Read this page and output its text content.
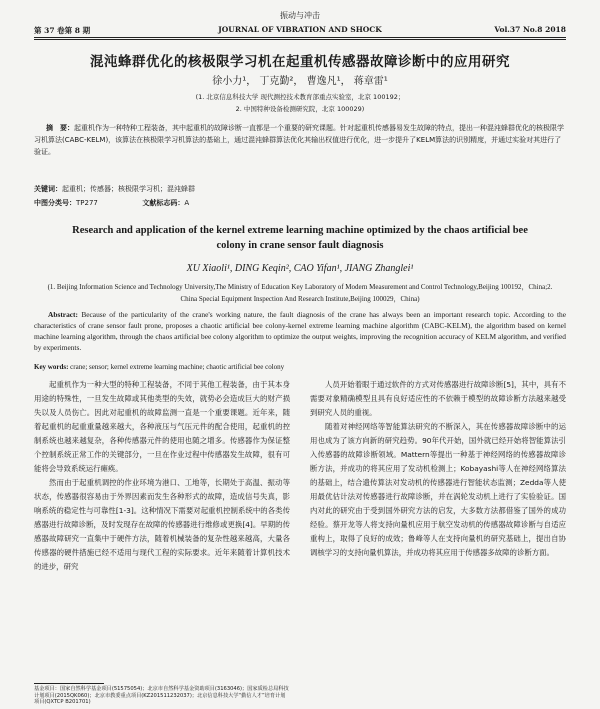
振动与冲击
第 37 卷第 8 期	JOURNAL OF VIBRATION AND SHOCK	Vol.37 No.8 2018
混沌蜂群优化的核极限学习机在起重机传感器故障诊断中的应用研究
徐小力¹， 丁克勤²， 曹逸凡¹， 蒋章雷¹
(1. 北京信息科技大学 现代测控技术教育部重点实验室，北京 100192；
2. 中国特种设备检测研究院，北京 100029)
摘　要：起重机作为一种特种工程装备，其中起重机的故障诊断一直都是一个重要的研究课题。针对起重机传感器易发生故障的特点，提出一种混沌蜂群优化的核极限学习机算法(CABC-KELM)，该算法在核极限学习机算法的基础上，通过混沌蜂群算法优化其输出权值进行优化，进一步提升了KELM算法的识别精度，并通过实验对其进行了验证。
关键词：起重机；传感器；核极限学习机；混沌蜂群
中图分类号：TP277	文献标志码：A
Research and application of the kernel extreme learning machine optimized by the chaos artificial bee colony in crane sensor fault diagnosis
XU Xiaoli¹, DING Keqin², CAO Yifan¹, JIANG Zhanglei¹
(1. Beijing Information Science and Technology University,The Ministry of Education Key Laboratory of Modern Measurement and Control Technology,Beijing 100192，China;2. China Special Equipment Inspection And Research Institute,Beijing 100029，China)
Abstract: Because of the particularity of the crane's working nature, the fault diagnosis of the crane has always been an important research topic. According to the characteristics of crane sensor fault prone, proposes a chaotic artificial bee colony-kernel extreme learning machine algorithm (CABC-KELM), the algorithm based on kernel machine learning algorithm, through the chaos artificial bee colony algorithm to optimize the output weights, improving the recognition accuracy of KELM algorithm, and verified by experiments.
Key words: crane; sensor; kernel extreme learning machine; chaotic artificial bee colony

起重机作为一种大型的特种工程装备，不同于其他工程装备，由于其本身用途的特殊性，一旦发生故障或其他类型的失效，就势必会造成巨大的财产损失以及人员伤亡。因此对起重机的故障监测一直是一个重要课题。近年来，随着起重机的起重重量越来越大，各种液压与气压元件的配合使用，起重机的控制系统也越来越复杂，各种传感器元件的使用也随之增多。传感器作为保证整个控制系统正常工作的关键部分，一旦在作业过程中传感器发生故障，很有可能将会导致系统运行瘫痪。

然而由于起重机调控的作业环境为港口、工地等，长期处于高温、振动等状态，传感器很容易由于外界因素而发生各种形式的故障，造成信号失真，影响系统的稳定性与可靠性[1-3]。这种情况下需要对起重机控制系统中的各类传感器进行故障诊断，及时发现存在故障的传感器进行维修或更换[4]。早期的传感器故障研究一直集中于硬件方法，随着机械装备的复杂性越来越高，大量各传感器的硬件措施已经不适用与现代工程的实际要求。近年来随着计算机技术的进步，研究

人员开始着眼于通过软件的方式对传感器进行故障诊断[5]，其中，具有不需要对象精确模型且具有良好适应性的不依赖于模型的故障诊断方法越来越受到研究人员的重视。

随着对神经网络等智能算法研究的不断深入，其在传感器故障诊断中的运用也成为了该方向新的研究趋势。90年代开始，国外就已经开始将智能算法引入传感器的故障诊断领域。Mattern等提出一种基于神经网络的传感器故障诊断方法，并成功的将其应用了发动机检测上；Kobayashi等人在神经网络算法的基础上，结合遗传算法对发动机的传感器进行智能状态监测；Zedda等人使用最优估计法对传感器进行故障诊断，并在涡轮发动机上进行了实验验证。国内对此的研究由于受到国外研究方法的启发，大多数方法都借鉴了国外的成功经验。蔡开龙等人将支持向量机应用于航空发动机的传感器故障诊断与自适应重构上，取得了良好的成效；鲁峰等人在支持向量机的研究基础上，提出自协调核学习的支持向量机算法，并成功将其应用于传感器多故障的诊断方面。

基金项目：国家自然科学基金项目(51575054)；北京市自然科学基金资助项目(3163046)；国家质检总局科技计划项目(2015QK060)；北京市教委重点项目(KZ201511232037)；北京信息科技大学“勤信人才”培育计划项目(QXTCP B201701)
